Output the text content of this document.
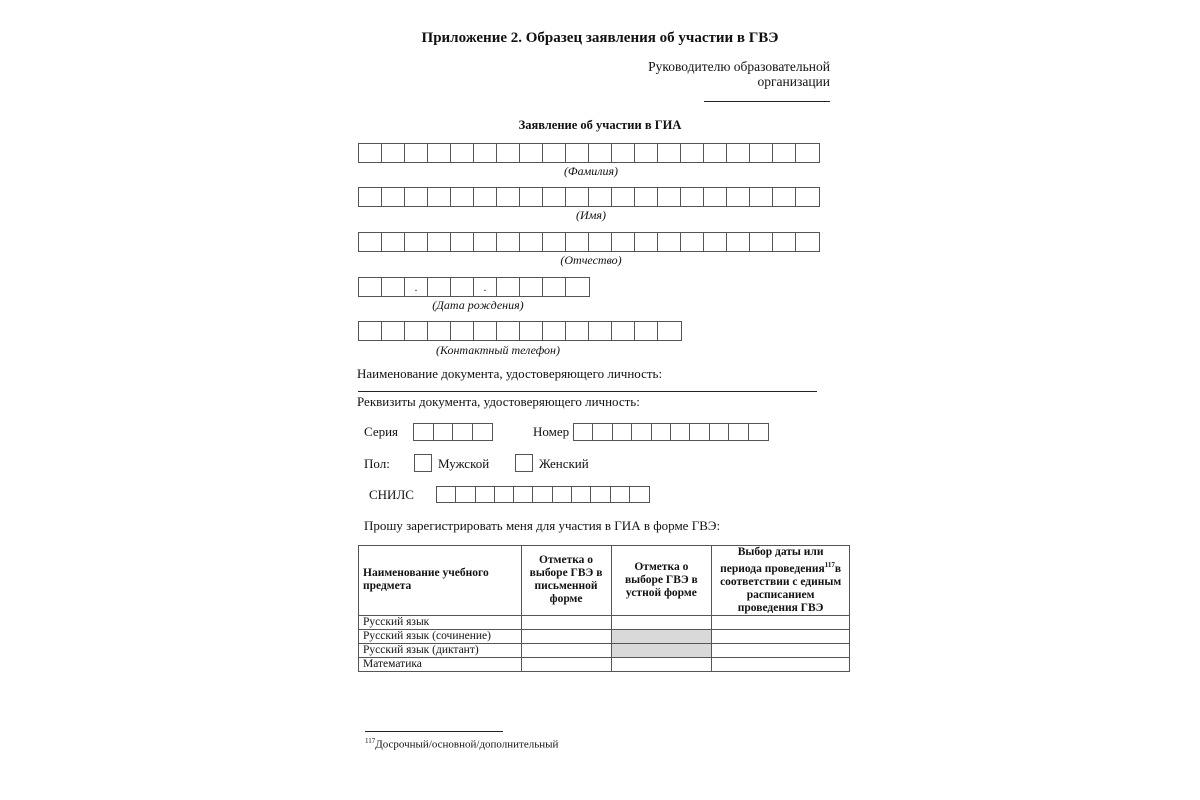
Приложение 2. Образец заявления об участии в ГВЭ
Руководителю образовательной организации
Заявление об участии в ГИА
(Фамилия)
(Имя)
(Отчество)
.	.
(Дата рождения)
(Контактный телефон)
Наименование документа, удостоверяющего личность:
Реквизиты документа, удостоверяющего личность:
Серия	Номер
Пол:	Мужской	Женский
СНИЛС
Прошу зарегистрировать меня для участия в ГИА в форме ГВЭ:
Наименование учебного предмета	Отметка о выборе ГВЭ в письменной форме	Отметка о выборе ГВЭ в устной форме	Выбор даты или периода проведения$^{117}$в соответствии с единым расписанием проведения ГВЭ
Русский язык			
Русский язык (сочинение)			
Русский язык (диктант)			
Математика			
$^{117}$Досрочный/основной/дополнительный
